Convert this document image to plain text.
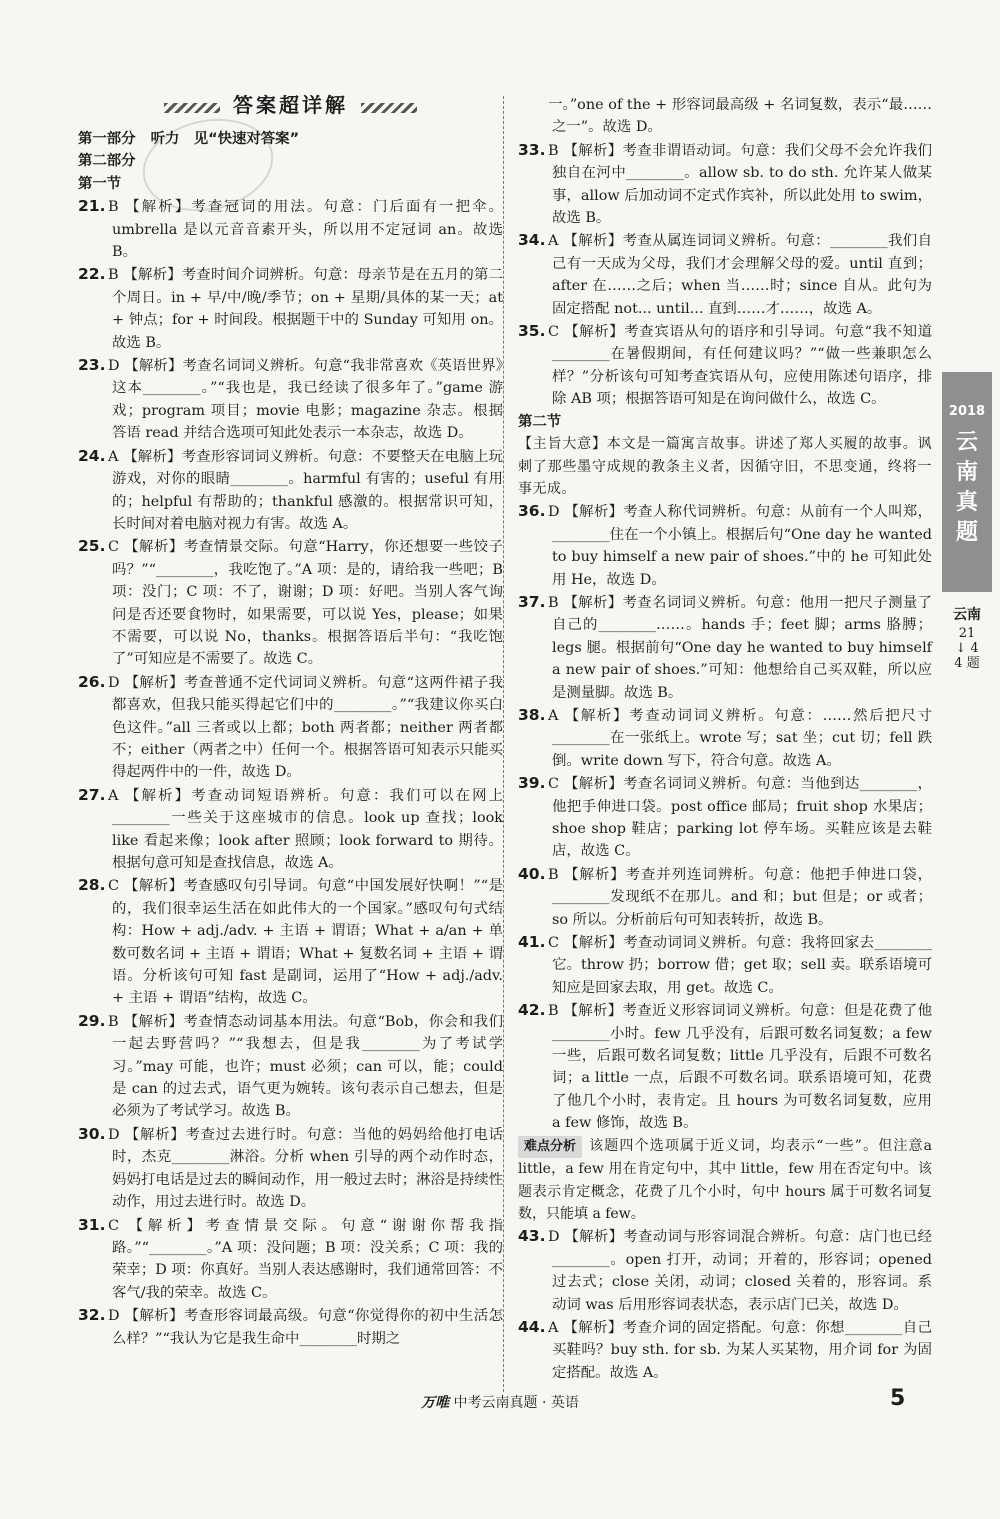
答案超详解
第一部分 听力　见“快速对答案”
第二部分
第一节

21. B 【解析】考查冠词的用法。句意：门后面有一把伞。umbrella 是以元音音素开头，所以用不定冠词 an。故选 B。

22. B 【解析】考查时间介词辨析。句意：母亲节是在五月的第二个周日。in + 早/中/晚/季节；on + 星期/具体的某一天；at + 钟点；for + 时间段。根据题干中的 Sunday 可知用 on。故选 B。

23. D 【解析】考查名词词义辨析。句意“我非常喜欢《英语世界》这本________。”“我也是，我已经读了很多年了。”game 游戏；program 项目；movie 电影；magazine 杂志。根据答语 read 并结合选项可知此处表示一本杂志，故选 D。

24. A 【解析】考查形容词词义辨析。句意：不要整天在电脑上玩游戏，对你的眼睛________。harmful 有害的；useful 有用的；helpful 有帮助的；thankful 感激的。根据常识可知，长时间对着电脑对视力有害。故选 A。

25. C 【解析】考查情景交际。句意“Harry，你还想要一些饺子吗？”“________，我吃饱了。”A 项：是的，请给我一些吧；B 项：没门；C 项：不了，谢谢；D 项：好吧。当别人客气询问是否还要食物时，如果需要，可以说 Yes，please；如果不需要，可以说 No，thanks。根据答语后半句：“我吃饱了”可知应是不需要了。故选 C。

26. D 【解析】考查普通不定代词词义辨析。句意“这两件裙子我都喜欢，但我只能买得起它们中的________。”“我建议你买白色这件。”all 三者或以上都；both 两者都；neither 两者都不；either（两者之中）任何一个。根据答语可知表示只能买得起两件中的一件，故选 D。

27. A 【解析】考查动词短语辨析。句意：我们可以在网上________一些关于这座城市的信息。look up 查找；look like 看起来像；look after 照顾；look forward to 期待。根据句意可知是查找信息，故选 A。

28. C 【解析】考查感叹句引导词。句意“中国发展好快啊！”“是的，我们很幸运生活在如此伟大的一个国家。”感叹句句式结构：How + adj./adv. + 主语 + 谓语；What + a/an + 单数可数名词 + 主语 + 谓语；What + 复数名词 + 主语 + 谓语。分析该句可知 fast 是副词，运用了“How + adj./adv. + 主语 + 谓语”结构，故选 C。

29. B 【解析】考查情态动词基本用法。句意“Bob，你会和我们一起去野营吗？”“我想去，但是我________为了考试学习。”may 可能，也许；must 必须；can 可以，能；could 是 can 的过去式，语气更为婉转。该句表示自己想去，但是必须为了考试学习。故选 B。

30. D 【解析】考查过去进行时。句意：当他的妈妈给他打电话时，杰克________淋浴。分析 when 引导的两个动作时态，妈妈打电话是过去的瞬间动作，用一般过去时；淋浴是持续性动作，用过去进行时。故选 D。

31. C 【解析】考查情景交际。句意“谢谢你帮我指路。”“________。”A 项：没问题；B 项：没关系；C 项：我的荣幸；D 项：你真好。当别人表达感谢时，我们通常回答：不客气/我的荣幸。故选 C。

32. D 【解析】考查形容词最高级。句意“你觉得你的初中生活怎么样？”“我认为它是我生命中________时期之

一。”one of the + 形容词最高级 + 名词复数，表示“最……之一”。故选 D。

33. B 【解析】考查非谓语动词。句意：我们父母不会允许我们独自在河中________。allow sb. to do sth. 允许某人做某事，allow 后加动词不定式作宾补，所以此处用 to swim，故选 B。

34. A 【解析】考查从属连词词义辨析。句意：________我们自己有一天成为父母，我们才会理解父母的爱。until 直到；after 在……之后；when 当……时；since 自从。此句为固定搭配 not... until... 直到……才……，故选 A。

35. C 【解析】考查宾语从句的语序和引导词。句意“我不知道________在暑假期间，有任何建议吗？”“做一些兼职怎么样？”分析该句可知考查宾语从句，应使用陈述句语序，排除 AB 项；根据答语可知是在询问做什么，故选 C。

第二节

【主旨大意】本文是一篇寓言故事。讲述了郑人买履的故事。讽刺了那些墨守成规的教条主义者，因循守旧，不思变通，终将一事无成。

36. D 【解析】考查人称代词辨析。句意：从前有一个人叫郑，________住在一个小镇上。根据后句“One day he wanted to buy himself a new pair of shoes.”中的 he 可知此处用 He，故选 D。

37. B 【解析】考查名词词义辨析。句意：他用一把尺子测量了自己的________……。hands 手；feet 脚；arms 胳膊；legs 腿。根据前句“One day he wanted to buy himself a new pair of shoes.”可知：他想给自己买双鞋，所以应是测量脚。故选 B。

38. A 【解析】考查动词词义辨析。句意：……然后把尺寸________在一张纸上。wrote 写；sat 坐；cut 切；fell 跌倒。write down 写下，符合句意。故选 A。

39. C 【解析】考查名词词义辨析。句意：当他到达________，他把手伸进口袋。post office 邮局；fruit shop 水果店；shoe shop 鞋店；parking lot 停车场。买鞋应该是去鞋店，故选 C。

40. B 【解析】考查并列连词辨析。句意：他把手伸进口袋，________发现纸不在那儿。and 和；but 但是；or 或者；so 所以。分析前后句可知表转折，故选 B。

41. C 【解析】考查动词词义辨析。句意：我将回家去________它。throw 扔；borrow 借；get 取；sell 卖。联系语境可知应是回家去取，用 get。故选 C。

42. B 【解析】考查近义形容词词义辨析。句意：但是花费了他________小时。few 几乎没有，后跟可数名词复数；a few 一些，后跟可数名词复数；little 几乎没有，后跟不可数名词；a little 一点，后跟不可数名词。联系语境可知，花费了他几个小时，表肯定。且 hours 为可数名词复数，应用 a few 修饰，故选 B。

难点分析 该题四个选项属于近义词，均表示“一些”。但注意a little，a few 用在肯定句中，其中 little，few 用在否定句中。该题表示肯定概念，花费了几个小时，句中 hours 属于可数名词复数，只能填 a few。

43. D 【解析】考查动词与形容词混合辨析。句意：店门也已经________。open 打开，动词；开着的，形容词；opened 过去式；close 关闭，动词；closed 关着的，形容词。系动词 was 后用形容词表状态，表示店门已关，故选 D。

44. A 【解析】考查介词的固定搭配。句意：你想________自己买鞋吗？buy sth. for sb. 为某人买某物，用介词 for 为固定搭配。故选 A。

2018
云南真题
云南
21 ↓ 44 题
万唯 中考云南真题 · 英语	5
